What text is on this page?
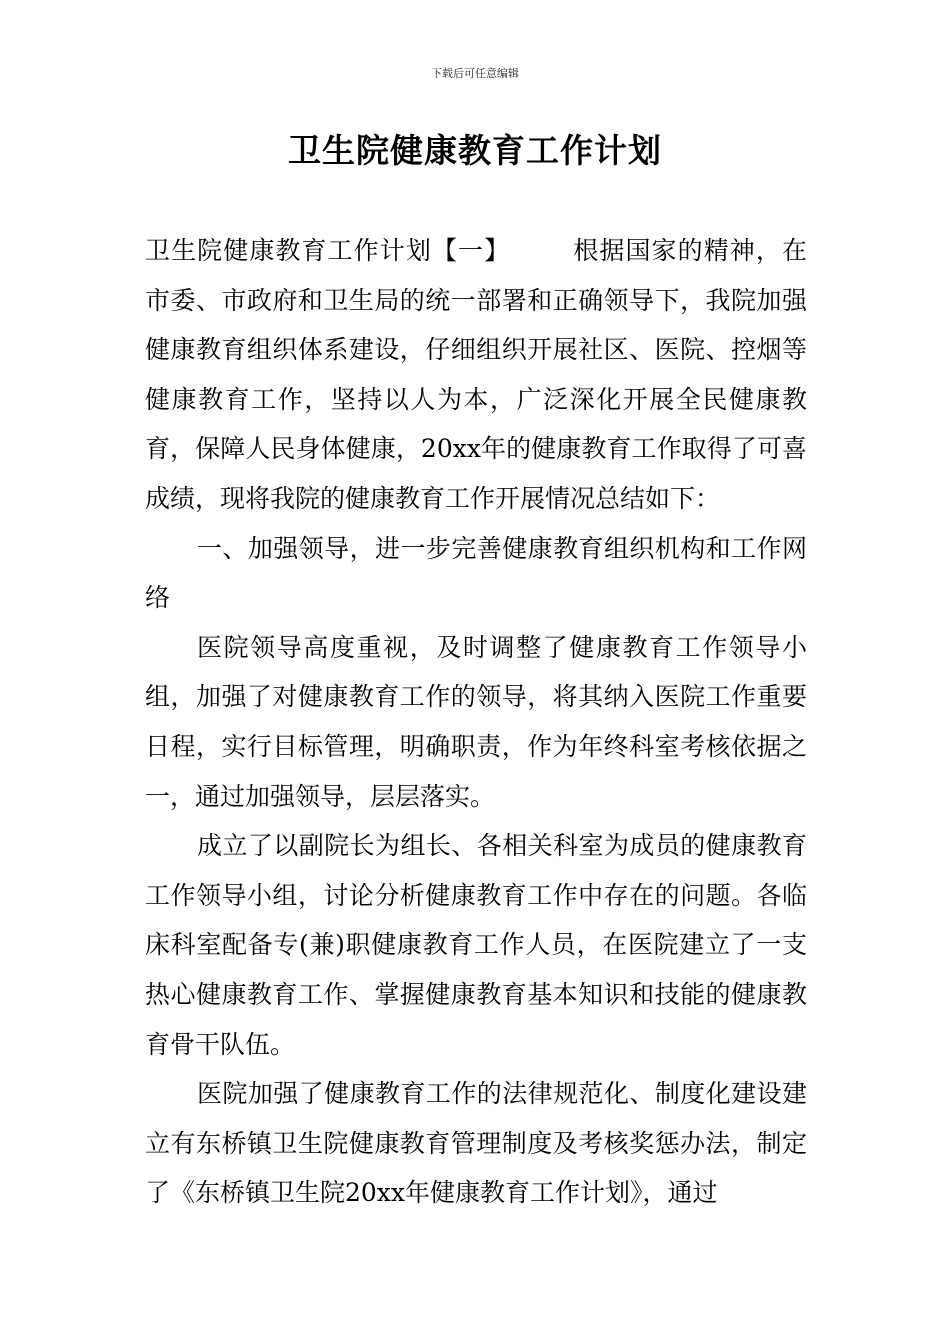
下载后可任意编辑
卫生院健康教育工作计划

卫生院健康教育工作计划【一】 根据国家的精神，在市委、市政府和卫生局的统一部署和正确领导下，我院加强健康教育组织体系建设，仔细组织开展社区、医院、控烟等健康教育工作，坚持以人为本，广泛深化开展全民健康教育，保障人民身体健康，20xx年的健康教育工作取得了可喜成绩，现将我院的健康教育工作开展情况总结如下：

一、加强领导，进一步完善健康教育组织机构和工作网络

医院领导高度重视，及时调整了健康教育工作领导小组，加强了对健康教育工作的领导，将其纳入医院工作重要日程，实行目标管理，明确职责，作为年终科室考核依据之一，通过加强领导，层层落实。

成立了以副院长为组长、各相关科室为成员的健康教育工作领导小组，讨论分析健康教育工作中存在的问题。各临床科室配备专(兼)职健康教育工作人员，在医院建立了一支热心健康教育工作、掌握健康教育基本知识和技能的健康教育骨干队伍。

医院加强了健康教育工作的法律规范化、制度化建设建立有东桥镇卫生院健康教育管理制度及考核奖惩办法，制定了《东桥镇卫生院20xx年健康教育工作计划》，通过
